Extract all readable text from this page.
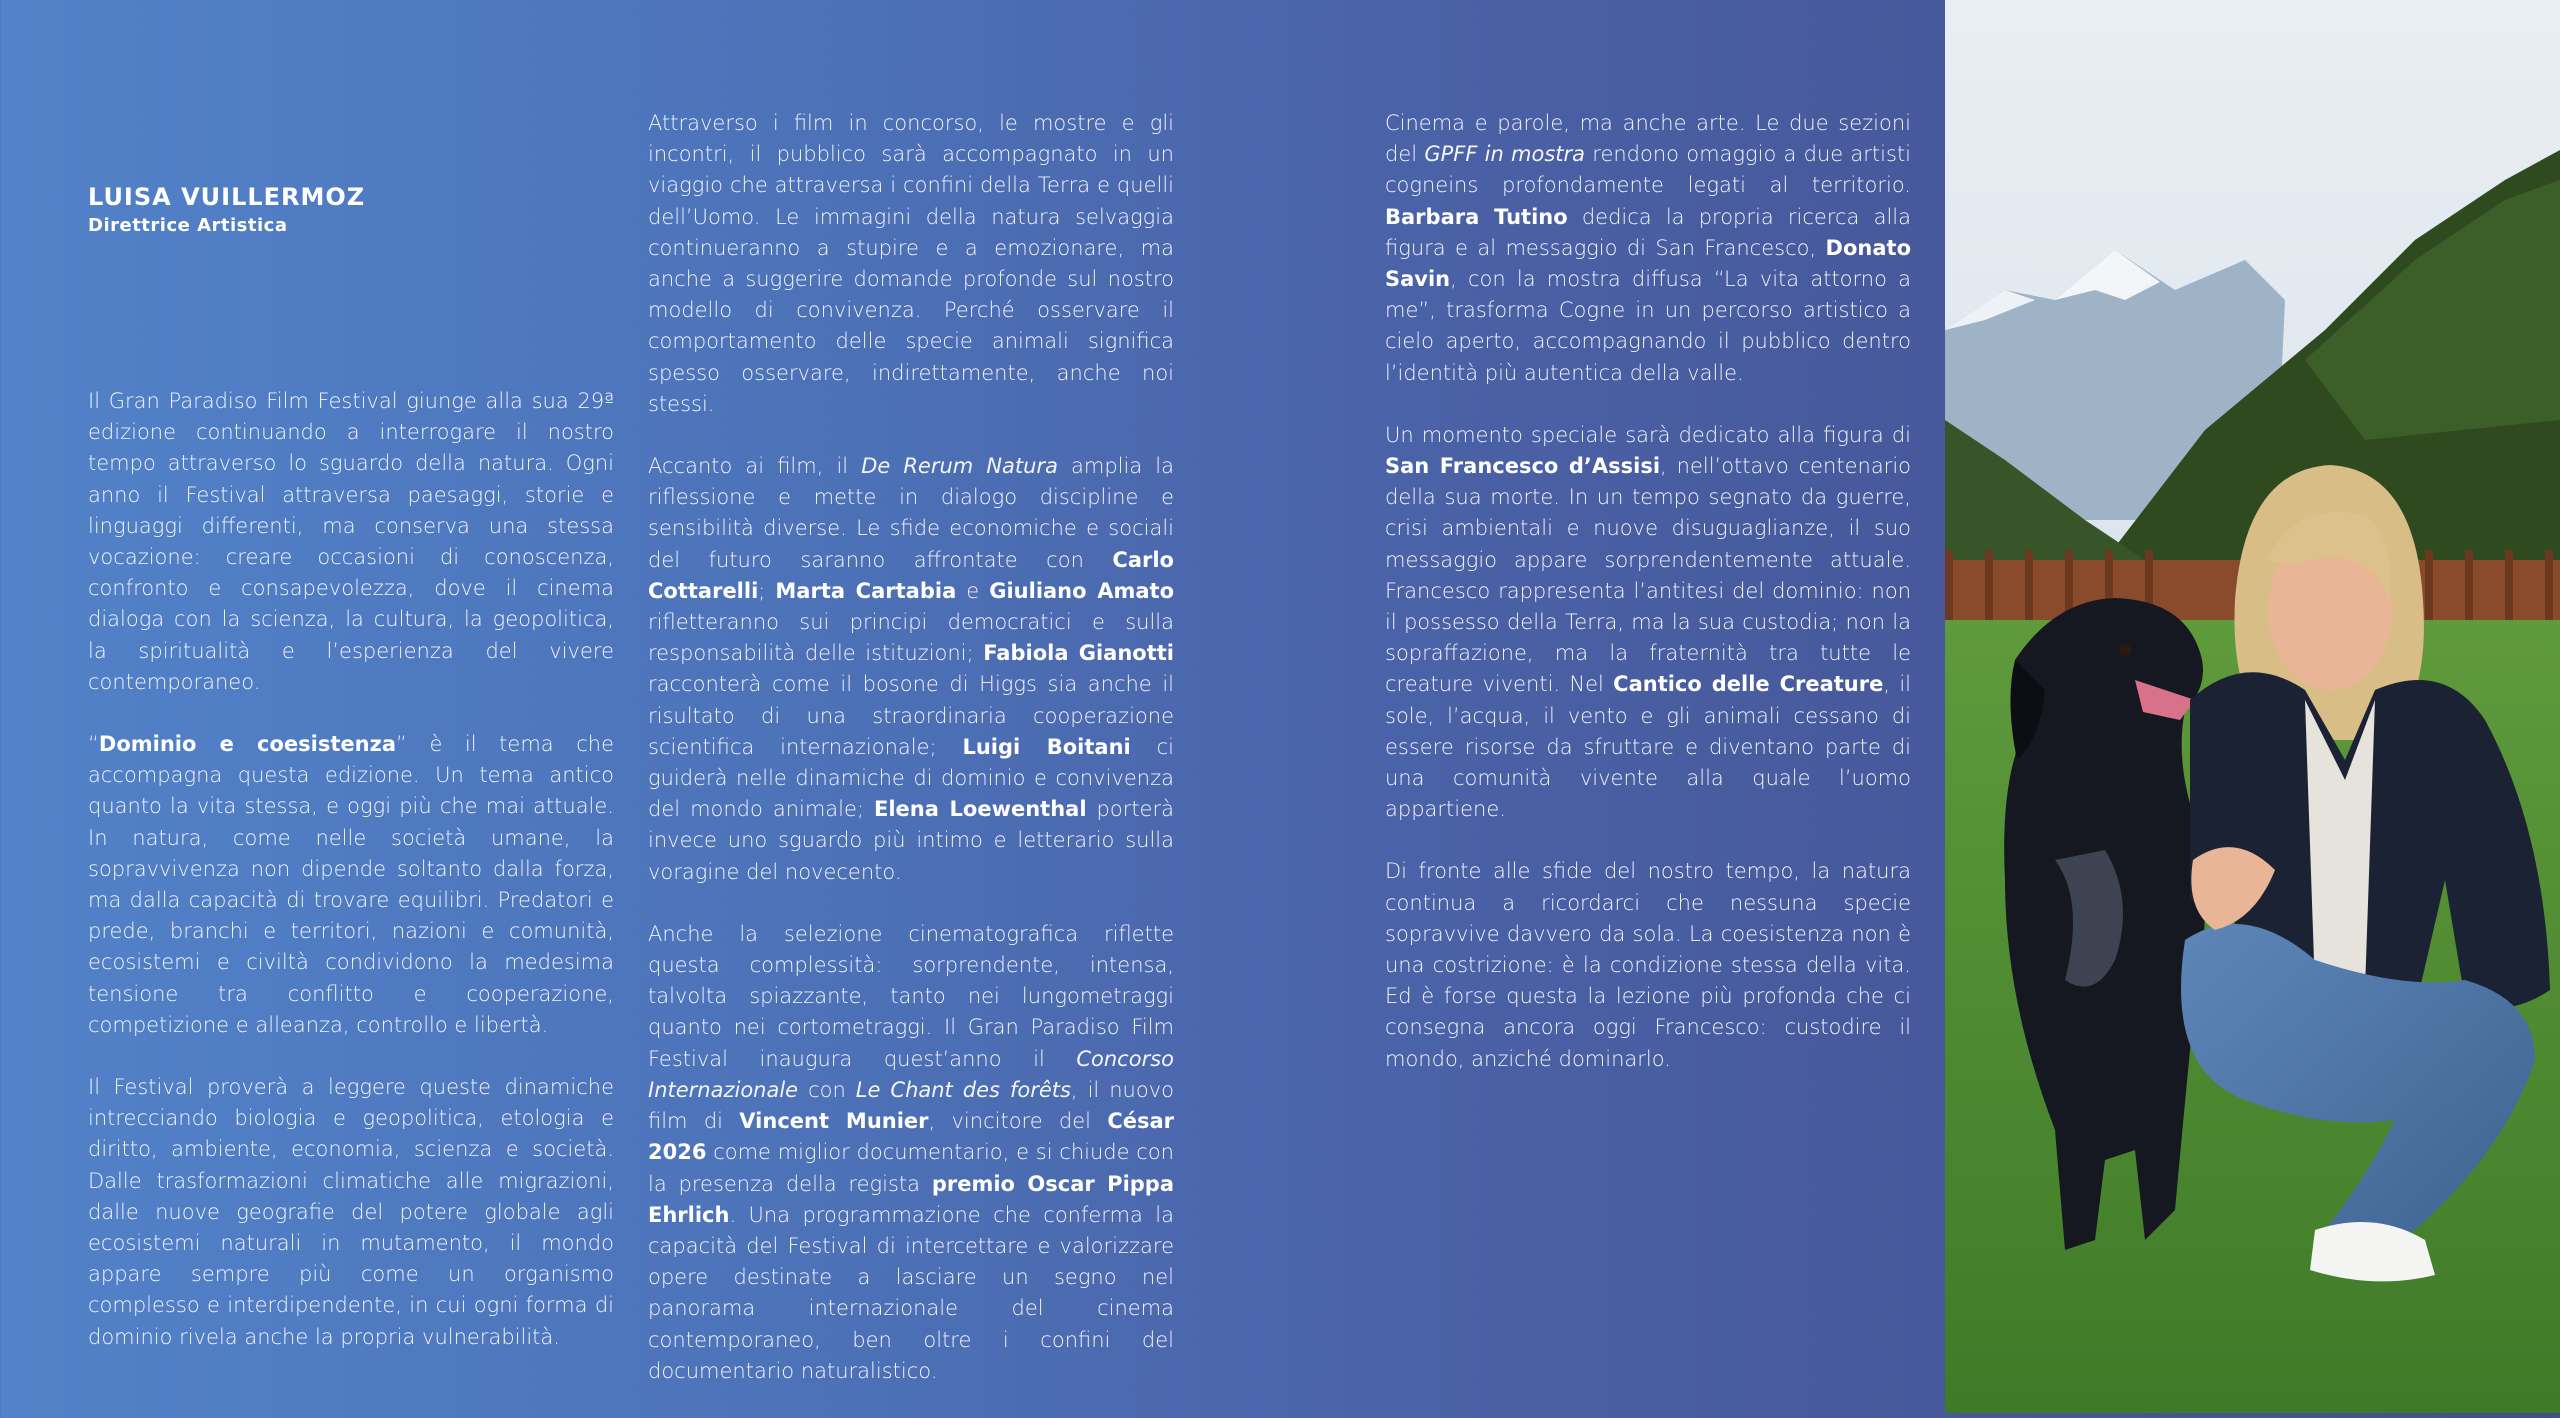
LUISA VUILLERMOZ
Direttrice Artistica

Il Gran Paradiso Film Festival giunge alla sua 29ª edizione continuando a interrogare il nostro tempo attraverso lo sguardo della natura. Ogni anno il Festival attraversa paesaggi, storie e linguaggi differenti, ma conserva una stessa vocazione: creare occasioni di conoscenza, confronto e consapevolezza, dove il cinema dialoga con la scienza, la cultura, la geopolitica, la spiritualità e l’esperienza del vivere contemporaneo.

“Dominio e coesistenza” è il tema che accompagna questa edizione. Un tema antico quanto la vita stessa, e oggi più che mai attuale. In natura, come nelle società umane, la sopravvivenza non dipende soltanto dalla forza, ma dalla capacità di trovare equilibri. Predatori e prede, branchi e territori, nazioni e comunità, ecosistemi e civiltà condividono la medesima tensione tra conflitto e cooperazione, competizione e alleanza, controllo e libertà.

Il Festival proverà a leggere queste dinamiche intrecciando biologia e geopolitica, etologia e diritto, ambiente, economia, scienza e società. Dalle trasformazioni climatiche alle migrazioni, dalle nuove geografie del potere globale agli ecosistemi naturali in mutamento, il mondo appare sempre più come un organismo complesso e interdipendente, in cui ogni forma di dominio rivela anche la propria vulnerabilità.

Attraverso i film in concorso, le mostre e gli incontri, il pubblico sarà accompagnato in un viaggio che attraversa i confini della Terra e quelli dell’Uomo. Le immagini della natura selvaggia continueranno a stupire e a emozionare, ma anche a suggerire domande profonde sul nostro modello di convivenza. Perché osservare il comportamento delle specie animali significa spesso osservare, indirettamente, anche noi stessi.

Accanto ai film, il De Rerum Natura amplia la riflessione e mette in dialogo discipline e sensibilità diverse. Le sfide economiche e sociali del futuro saranno affrontate con Carlo Cottarelli; Marta Cartabia e Giuliano Amato rifletteranno sui principi democratici e sulla responsabilità delle istituzioni; Fabiola Gianotti racconterà come il bosone di Higgs sia anche il risultato di una straordinaria cooperazione scientifica internazionale; Luigi Boitani ci guiderà nelle dinamiche di dominio e convivenza del mondo animale; Elena Loewenthal porterà invece uno sguardo più intimo e letterario sulla voragine del novecento.

Anche la selezione cinematografica riflette questa complessità: sorprendente, intensa, talvolta spiazzante, tanto nei lungometraggi quanto nei cortometraggi. Il Gran Paradiso Film Festival inaugura quest’anno il Concorso Internazionale con Le Chant des forêts, il nuovo film di Vincent Munier, vincitore del César 2026 come miglior documentario, e si chiude con la presenza della regista premio Oscar Pippa Ehrlich. Una programmazione che conferma la capacità del Festival di intercettare e valorizzare opere destinate a lasciare un segno nel panorama internazionale del cinema contemporaneo, ben oltre i confini del documentario naturalistico.

Cinema e parole, ma anche arte. Le due sezioni del GPFF in mostra rendono omaggio a due artisti cogneins profondamente legati al territorio. Barbara Tutino dedica la propria ricerca alla figura e al messaggio di San Francesco, Donato Savin, con la mostra diffusa “La vita attorno a me”, trasforma Cogne in un percorso artistico a cielo aperto, accompagnando il pubblico dentro l’identità più autentica della valle.

Un momento speciale sarà dedicato alla figura di San Francesco d’Assisi, nell’ottavo centenario della sua morte. In un tempo segnato da guerre, crisi ambientali e nuove disuguaglianze, il suo messaggio appare sorprendentemente attuale. Francesco rappresenta l’antitesi del dominio: non il possesso della Terra, ma la sua custodia; non la sopraffazione, ma la fraternità tra tutte le creature viventi. Nel Cantico delle Creature, il sole, l’acqua, il vento e gli animali cessano di essere risorse da sfruttare e diventano parte di una comunità vivente alla quale l’uomo appartiene.

Di fronte alle sfide del nostro tempo, la natura continua a ricordarci che nessuna specie sopravvive davvero da sola. La coesistenza non è una costrizione: è la condizione stessa della vita. Ed è forse questa la lezione più profonda che ci consegna ancora oggi Francesco: custodire il mondo, anziché dominarlo.
